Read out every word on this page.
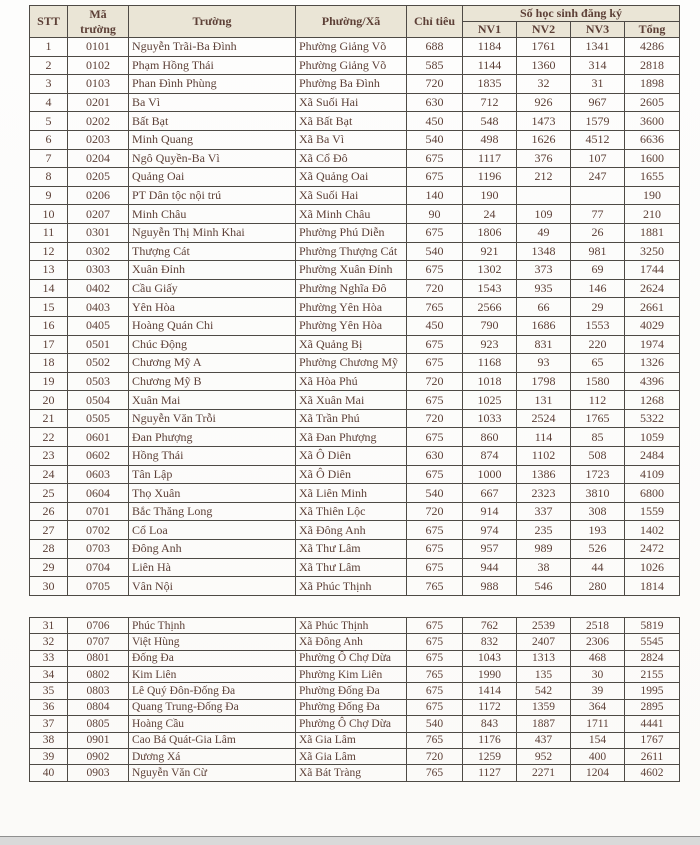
STT	Mã trường	Trường	Phường/Xã	Chỉ tiêu	Số học sinh đăng ký			
					NV1	NV2	NV3	Tổng
1	0101	Nguyễn Trãi-Ba Đình	Phường Giảng Võ	688	1184	1761	1341	4286
2	0102	Phạm Hồng Thái	Phường Giảng Võ	585	1144	1360	314	2818
3	0103	Phan Đình Phùng	Phường Ba Đình	720	1835	32	31	1898
4	0201	Ba Vì	Xã Suối Hai	630	712	926	967	2605
5	0202	Bất Bạt	Xã Bất Bạt	450	548	1473	1579	3600
6	0203	Minh Quang	Xã Ba Vì	540	498	1626	4512	6636
7	0204	Ngô Quyền-Ba Vì	Xã Cổ Đô	675	1117	376	107	1600
8	0205	Quảng Oai	Xã Quảng Oai	675	1196	212	247	1655
9	0206	PT Dân tộc nội trú	Xã Suối Hai	140	190			190
10	0207	Minh Châu	Xã Minh Châu	90	24	109	77	210
11	0301	Nguyễn Thị Minh Khai	Phường Phú Diễn	675	1806	49	26	1881
12	0302	Thượng Cát	Phường Thượng Cát	540	921	1348	981	3250
13	0303	Xuân Đỉnh	Phường Xuân Đỉnh	675	1302	373	69	1744
14	0402	Cầu Giấy	Phường Nghĩa Đô	720	1543	935	146	2624
15	0403	Yên Hòa	Phường Yên Hòa	765	2566	66	29	2661
16	0405	Hoàng Quán Chi	Phường Yên Hòa	450	790	1686	1553	4029
17	0501	Chúc Động	Xã Quảng Bị	675	923	831	220	1974
18	0502	Chương Mỹ A	Phường Chương Mỹ	675	1168	93	65	1326
19	0503	Chương Mỹ B	Xã Hòa Phú	720	1018	1798	1580	4396
20	0504	Xuân Mai	Xã Xuân Mai	675	1025	131	112	1268
21	0505	Nguyễn Văn Trỗi	Xã Trần Phú	720	1033	2524	1765	5322
22	0601	Đan Phượng	Xã Đan Phượng	675	860	114	85	1059
23	0602	Hồng Thái	Xã Ô Diên	630	874	1102	508	2484
24	0603	Tân Lập	Xã Ô Diên	675	1000	1386	1723	4109
25	0604	Thọ Xuân	Xã Liên Minh	540	667	2323	3810	6800
26	0701	Bắc Thăng Long	Xã Thiên Lộc	720	914	337	308	1559
27	0702	Cổ Loa	Xã Đông Anh	675	974	235	193	1402
28	0703	Đông Anh	Xã Thư Lâm	675	957	989	526	2472
29	0704	Liên Hà	Xã Thư Lâm	675	944	38	44	1026
30	0705	Vân Nội	Xã Phúc Thịnh	765	988	546	280	1814
31	0706	Phúc Thịnh	Xã Phúc Thịnh	675	762	2539	2518	5819
32	0707	Việt Hùng	Xã Đông Anh	675	832	2407	2306	5545
33	0801	Đống Đa	Phường Ô Chợ Dừa	675	1043	1313	468	2824
34	0802	Kim Liên	Phường Kim Liên	765	1990	135	30	2155
35	0803	Lê Quý Đôn-Đống Đa	Phường Đống Đa	675	1414	542	39	1995
36	0804	Quang Trung-Đống Đa	Phường Đống Đa	675	1172	1359	364	2895
37	0805	Hoàng Cầu	Phường Ô Chợ Dừa	540	843	1887	1711	4441
38	0901	Cao Bá Quát-Gia Lâm	Xã Gia Lâm	765	1176	437	154	1767
39	0902	Dương Xá	Xã Gia Lâm	720	1259	952	400	2611
40	0903	Nguyễn Văn Cừ	Xã Bát Tràng	765	1127	2271	1204	4602
